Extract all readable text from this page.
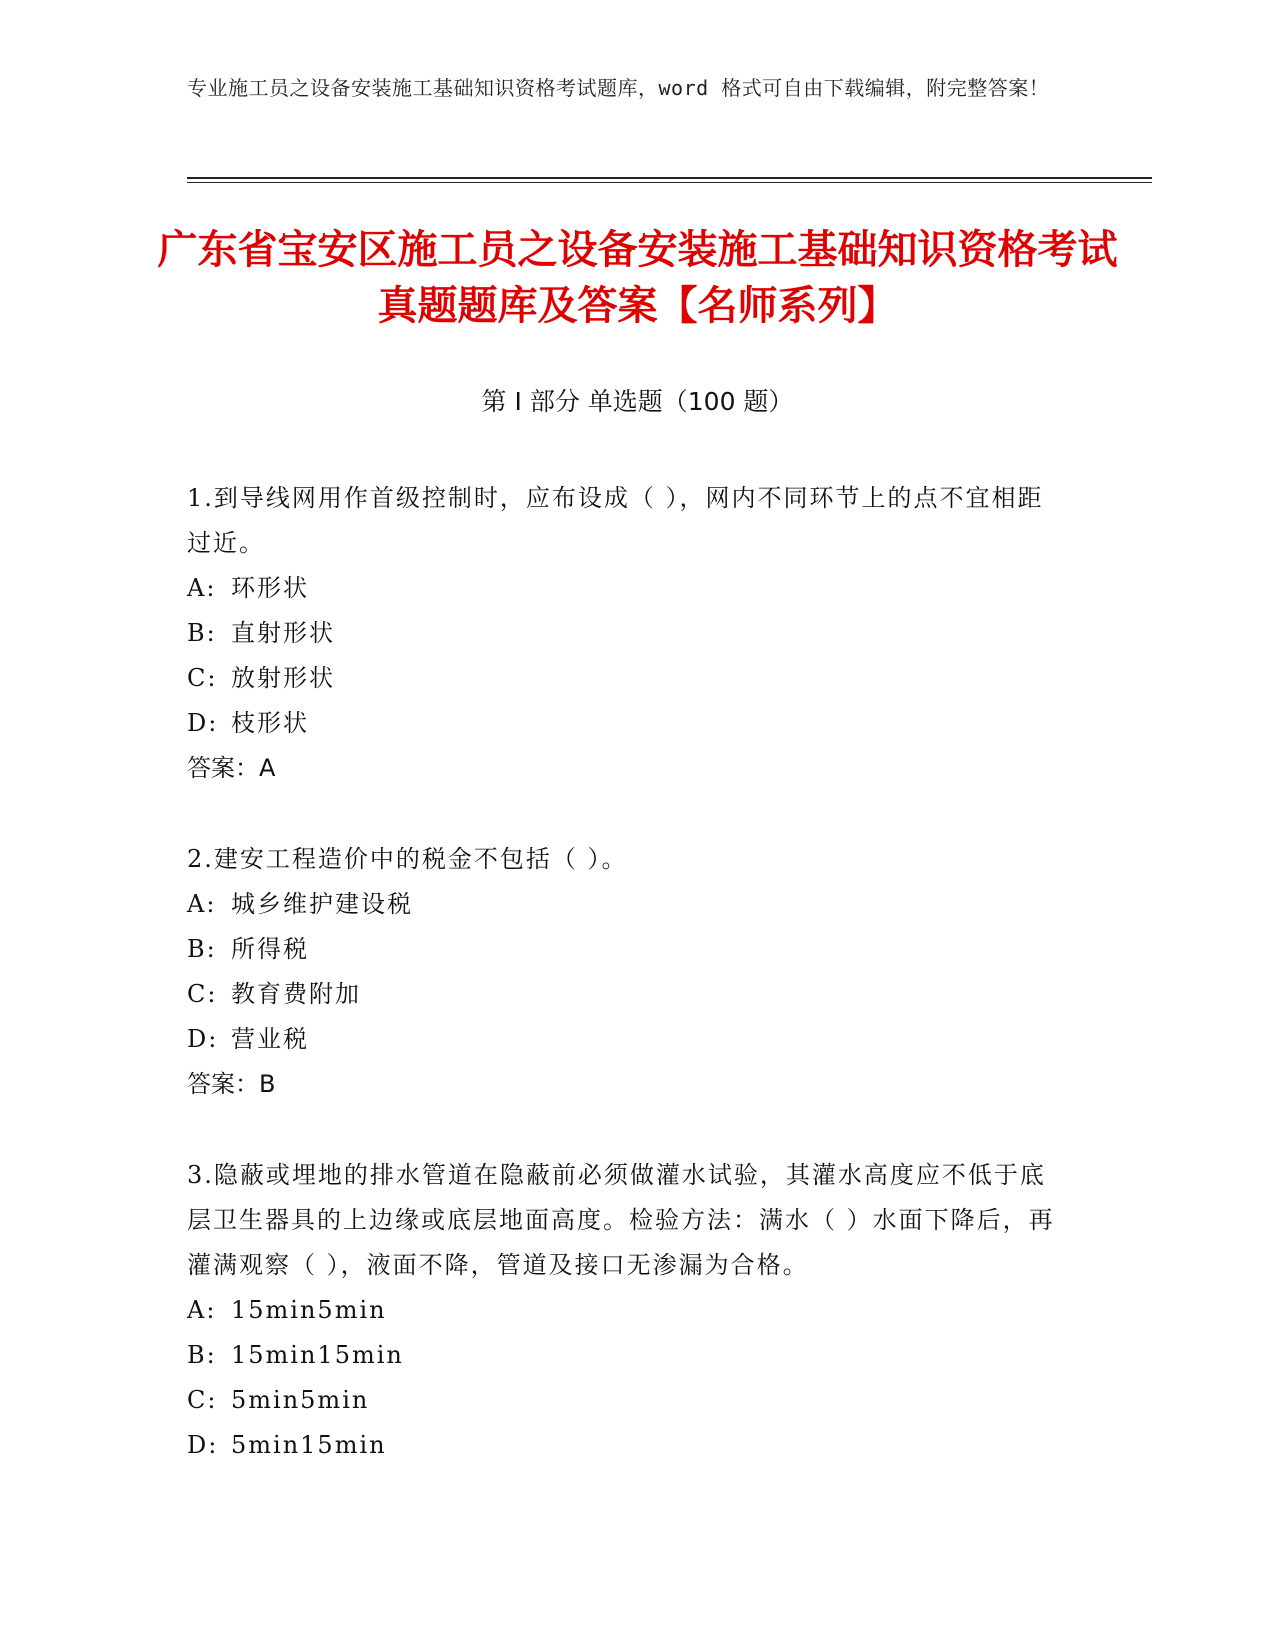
专业施工员之设备安装施工基础知识资格考试题库，word 格式可自由下载编辑，附完整答案！
广东省宝安区施工员之设备安装施工基础知识资格考试真题题库及答案【名师系列】
第 I 部分 单选题（100 题）

1.到导线网用作首级控制时，应布设成（ ），网内不同环节上的点不宜相距过近。

A: 环形状
B: 直射形状
C: 放射形状
D: 枝形状
答案：A

2.建安工程造价中的税金不包括（ ）。

A: 城乡维护建设税
B: 所得税
C: 教育费附加
D: 营业税
答案：B

3.隐蔽或埋地的排水管道在隐蔽前必须做灌水试验，其灌水高度应不低于底层卫生器具的上边缘或底层地面高度。检验方法：满水（ ）水面下降后，再灌满观察（ ），液面不降，管道及接口无渗漏为合格。

A: 15min5min
B: 15min15min
C: 5min5min
D: 5min15min
